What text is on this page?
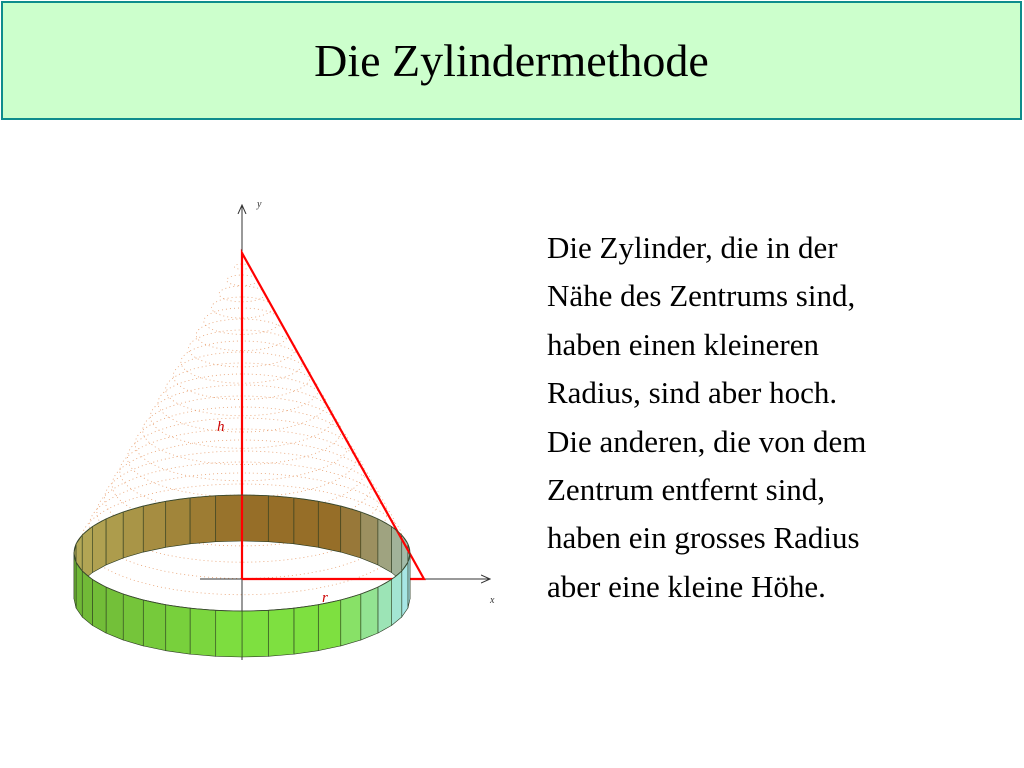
Die Zylindermethode
y
x
h
r
Die Zylinder, die in der
Nähe des Zentrums sind,
haben einen kleineren
Radius, sind aber hoch.
Die anderen, die von dem
Zentrum entfernt sind,
haben ein grosses Radius
aber eine kleine Höhe.
